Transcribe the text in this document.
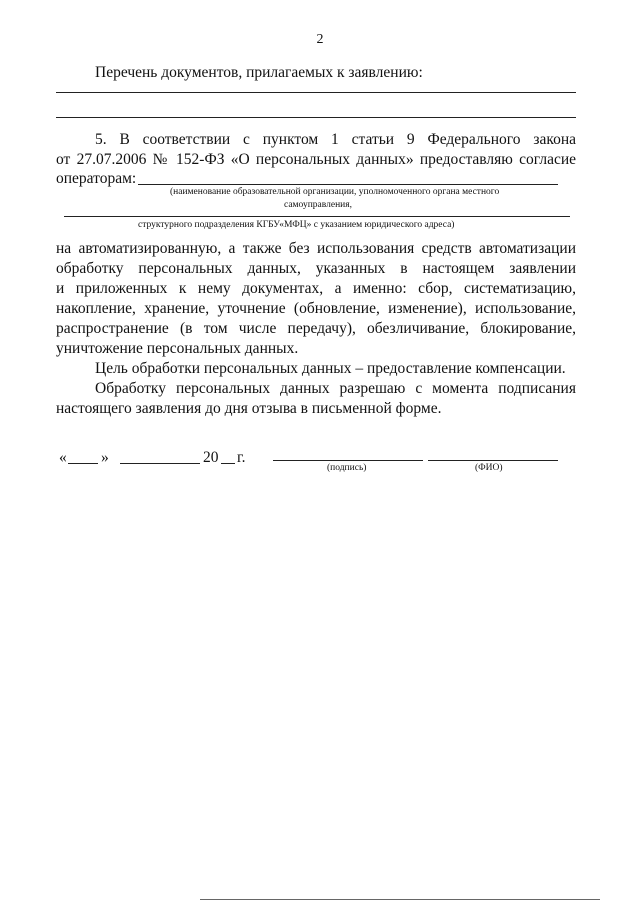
2
Перечень документов, прилагаемых к заявлению:
5. В соответствии с пунктом 1 статьи 9 Федерального закона
от 27.07.2006 № 152-ФЗ «О персональных данных» предоставляю согласие
операторам:
(наименование образовательной организации, уполномоченного органа местного
самоуправления,
структурного подразделения КГБУ«МФЦ» с указанием юридического адреса)
на автоматизированную, а также без использования средств автоматизации
обработку персональных данных, указанных в настоящем заявлении
и приложенных к нему документах, а именно: сбор, систематизацию,
накопление, хранение, уточнение (обновление, изменение), использование,
распространение (в том числе передачу), обезличивание, блокирование,
уничтожение персональных данных.
Цель обработки персональных данных – предоставление компенсации.
Обработку персональных данных разрешаю с момента подписания
настоящего заявления до дня отзыва в письменной форме.
« »	20 г.
(подпись)	(ФИО)
